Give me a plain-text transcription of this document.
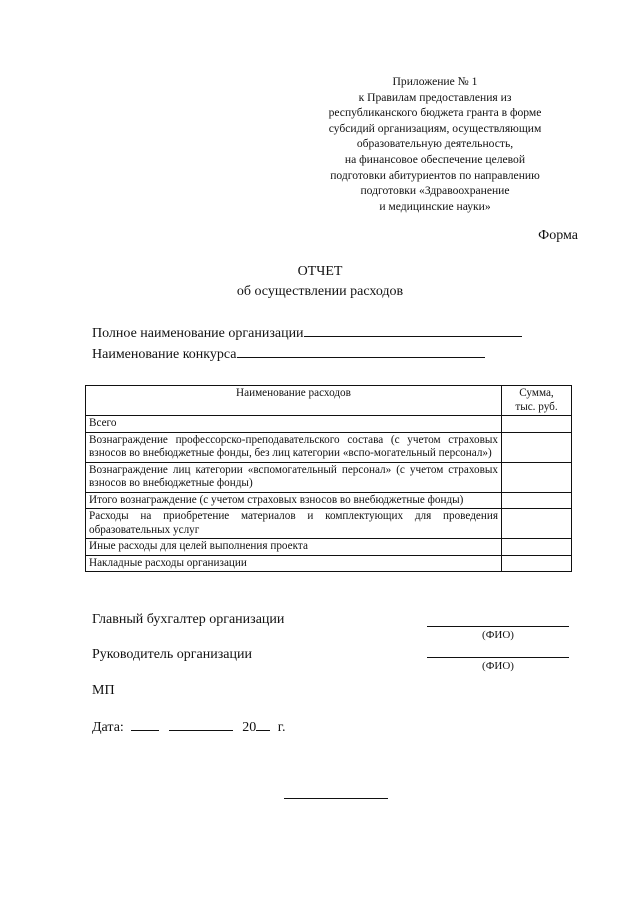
Приложение № 1
к Правилам предоставления из
республиканского бюджета гранта в форме
субсидий организациям, осуществляющим
образовательную деятельность,
на финансовое обеспечение целевой
подготовки абитуриентов по направлению
подготовки «Здравоохранение
и медицинские науки»
Форма
ОТЧЕТ
об осуществлении расходов
Полное наименование организации
Наименование конкурса
Наименование расходов	Сумма,
тыс. руб.

Всего	
Вознаграждение профессорско-преподавательского состава (с учетом страховых взносов во внебюджетные фонды, без лиц категории «вспо-могательный персонал»)	
Вознаграждение лиц категории «вспомогательный персонал» (с учетом страховых взносов во внебюджетные фонды)	
Итого вознаграждение (с учетом страховых взносов во внебюджетные фонды)	
Расходы на приобретение материалов и комплектующих для проведения образовательных услуг	
Иные расходы для целей выполнения проекта	
Накладные расходы организации	
Главный бухгалтер организации
(ФИО)
Руководитель организации
(ФИО)
МП
Дата:	20 г.
